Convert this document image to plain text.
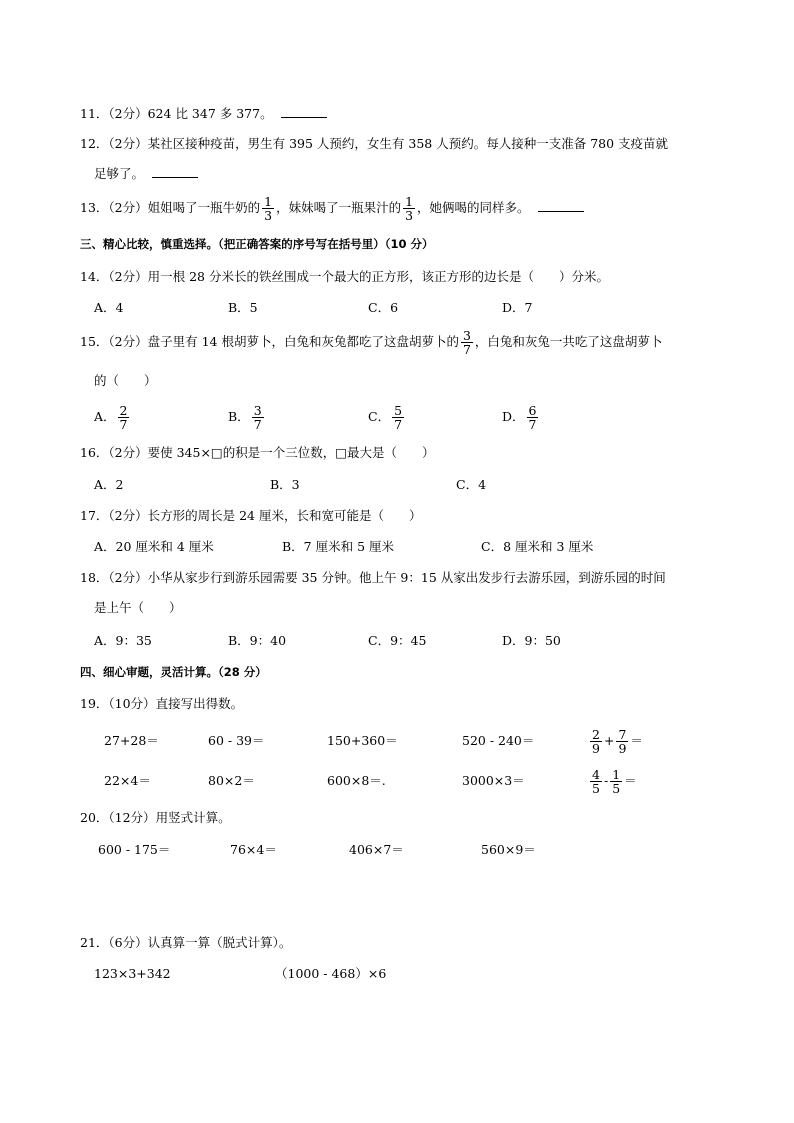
11．（2分）624 比 347 多 377。
12．（2分）某社区接种疫苗，男生有 395 人预约，女生有 358 人预约。每人接种一支准备 780 支疫苗就
足够了。
13．（2分）姐姐喝了一瓶牛奶的 $\frac{1}{3}$ ，妹妹喝了一瓶果汁的 $\frac{1}{3}$ ，她俩喝的同样多。
三、精心比较，慎重选择。（把正确答案的序号写在括号里）（10 分）
14．（2分）用一根 28 分米长的铁丝围成一个最大的正方形，该正方形的边长是（　　）分米。
A．4	B．5	C．6	D．7
15．（2分）盘子里有 14 根胡萝卜，白兔和灰兔都吃了这盘胡萝卜的 $\frac{3}{7}$ ，白兔和灰兔一共吃了这盘胡萝卜
的（　　）
A． $\frac{2}{7}$	B． $\frac{3}{7}$	C． $\frac{5}{7}$	D． $\frac{6}{7}$
16．（2分）要使 345×□的积是一个三位数，□最大是（　　）
A．2	B．3	C．4
17．（2分）长方形的周长是 24 厘米，长和宽可能是（　　）
A．20 厘米和 4 厘米	B．7 厘米和 5 厘米	C．8 厘米和 3 厘米
18．（2分）小华从家步行到游乐园需要 35 分钟。他上午 9：15 从家出发步行去游乐园，到游乐园的时间
是上午（　　）
A．9：35	B．9：40	C．9：45	D．9：50
四、细心审题，灵活计算。（28 分）
19．（10分）直接写出得数。
27+28＝	60 - 39＝	150+360＝	520 - 240＝	$\frac{2}{9} + \frac{7}{9}$ ＝
22×4＝	80×2＝	600×8＝.	3000×3＝	$\frac{4}{5} - \frac{1}{5}$ ＝
20．（12分）用竖式计算。
600 - 175＝	76×4＝	406×7＝	560×9＝
21．（6分）认真算一算（脱式计算）。
123×3+342	（1000 - 468）×6
